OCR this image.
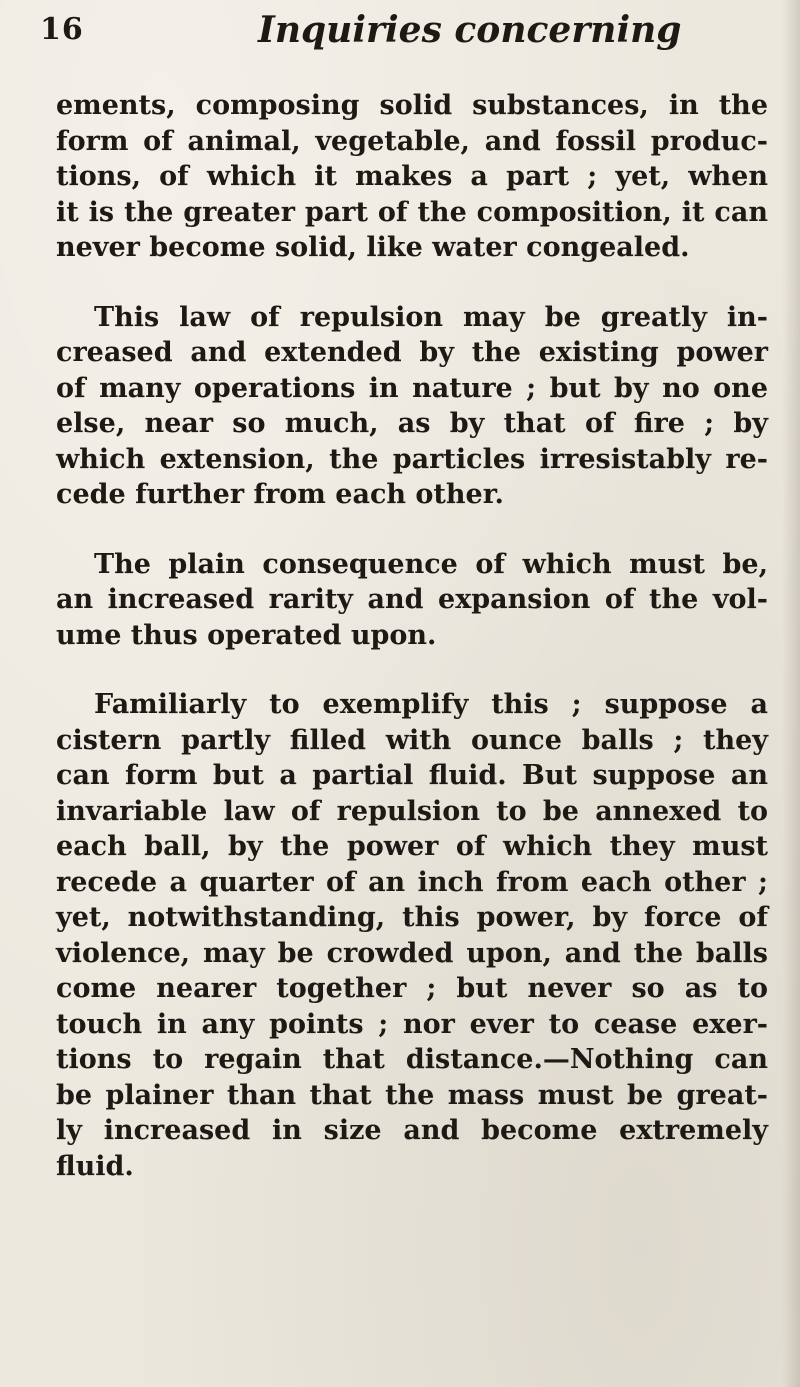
16	Inquiries concerning
ements, composing solid substances, in the
form of animal, vegetable, and fossil produc-
tions, of which it makes a part ; yet, when
it is the greater part of the composition, it can
never become solid, like water congealed.
This law of repulsion may be greatly in-
creased and extended by the existing power
of many operations in nature ; but by no one
else, near so much, as by that of fire ; by
which extension, the particles irresistably re-
cede further from each other.
The plain consequence of which must be,
an increased rarity and expansion of the vol-
ume thus operated upon.
Familiarly to exemplify this ; suppose a
cistern partly filled with ounce balls ; they
can form but a partial fluid. But suppose an
invariable law of repulsion to be annexed to
each ball, by the power of which they must
recede a quarter of an inch from each other ;
yet, notwithstanding, this power, by force of
violence, may be crowded upon, and the balls
come nearer together ; but never so as to
touch in any points ; nor ever to cease exer-
tions to regain that distance.—Nothing can
be plainer than that the mass must be great-
ly increased in size and become extremely
fluid.
